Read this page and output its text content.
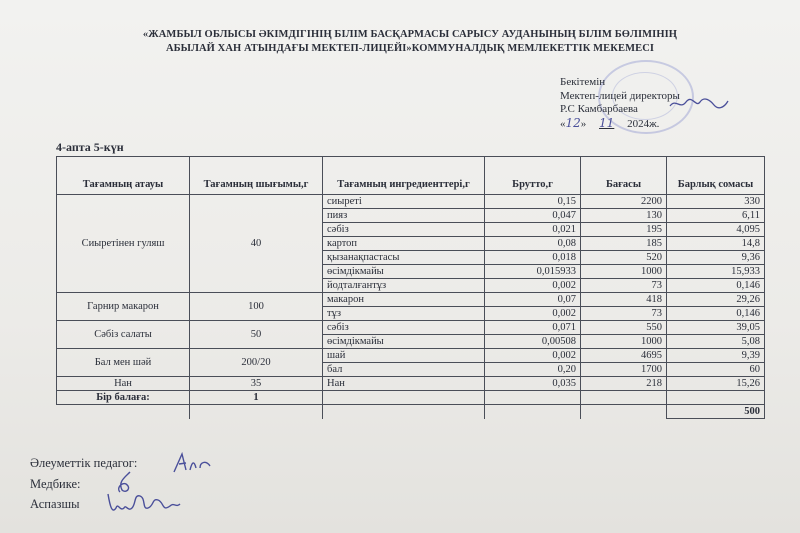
«ЖАМБЫЛ ОБЛЫСЫ ӘКІМДІГІНІҢ БІЛІМ БАСҚАРМАСЫ САРЫСУ АУДАНЫНЫҢ БІЛІМ БӨЛІМІНІҢ
АБЫЛАЙ ХАН АТЫНДАҒЫ МЕКТЕП-ЛИЦЕЙІ»КОММУНАЛДЫҚ МЕМЛЕКЕТТІК МЕКЕМЕСІ
Бекітемін
Мектеп-лицей директоры
Р.С Камбарбаева
«12» 11 2024ж.
4-апта 5-күн
Тағамның атауы	Тағамның шығымы,г	Тағамның ингредиенттері,г	Брутто,г	Бағасы	Барлық сомасы
Сиыретінен гуляш	40	сиыреті	0,15	2200	330
		пияз	0,047	130	6,11
		сәбіз	0,021	195	4,095
		картоп	0,08	185	14,8
		қызанақпастасы	0,018	520	9,36
		өсімдікмайы	0,015933	1000	15,933
		йодталғантұз	0,002	73	0,146
Гарнир макарон	100	макарон	0,07	418	29,26
		тұз	0,002	73	0,146
Сәбіз салаты	50	сәбіз	0,071	550	39,05
		өсімдікмайы	0,00508	1000	5,08
Бал мен шәй	200/20	шай	0,002	4695	9,39
		бал	0,20	1700	60
Нан	35	Нан	0,035	218	15,26
Бір балаға:	1				
					500
Әлеуметтік педагог:
Медбике:
Аспазшы
